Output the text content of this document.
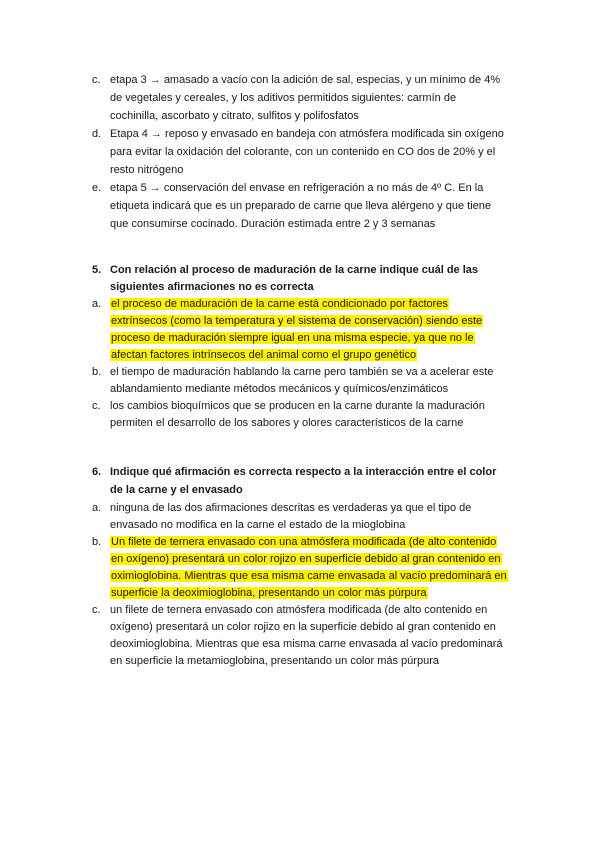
c. etapa 3 → amasado a vacío con la adición de sal, especias, y un mínimo de 4%
de vegetales y cereales, y los aditivos permitidos siguientes: carmín de
cochinilla, ascorbato y citrato, sulfitos y polifosfatos
d. Etapa 4 → reposo y envasado en bandeja con atmósfera modificada sin oxígeno
para evitar la oxidación del colorante, con un contenido en CO dos de 20% y el
resto nitrógeno
e. etapa 5 → conservación del envase en refrigeración a no más de 4º C. En la
etiqueta indicará que es un preparado de carne que lleva alérgeno y que tiene
que consumirse cocinado. Duración estimada entre 2 y 3 semanas
5. Con relación al proceso de maduración de la carne indique cuál de las
siguientes afirmaciones no es correcta
a. el proceso de maduración de la carne está condicionado por factores
extrínsecos (como la temperatura y el sistema de conservación) siendo este
proceso de maduración siempre igual en una misma especie, ya que no le
afectan factores intrínsecos del animal como el grupo genético
b. el tiempo de maduración hablando la carne pero también se va a acelerar este
ablandamiento mediante métodos mecánicos y químicos/enzimáticos
c. los cambios bioquímicos que se producen en la carne durante la maduración
permiten el desarrollo de los sabores y olores característicos de la carne
6. Indique qué afirmación es correcta respecto a la interacción entre el color
de la carne y el envasado
a. ninguna de las dos afirmaciones descritas es verdaderas ya que el tipo de
envasado no modifica en la carne el estado de la mioglobina
b. Un filete de ternera envasado con una atmósfera modificada (de alto contenido
en oxígeno) presentará un color rojizo en superficie debido al gran contenido en
oximioglobina. Mientras que esa misma carne envasada al vacío predominará en
superficie la deoximioglobina, presentando un color más púrpura
c. un filete de ternera envasado con atmósfera modificada (de alto contenido en
oxígeno) presentará un color rojizo en la superficie debido al gran contenido en
deoximioglobina. Mientras que esa misma carne envasada al vacío predominará
en superficie la metamioglobina, presentando un color más púrpura
